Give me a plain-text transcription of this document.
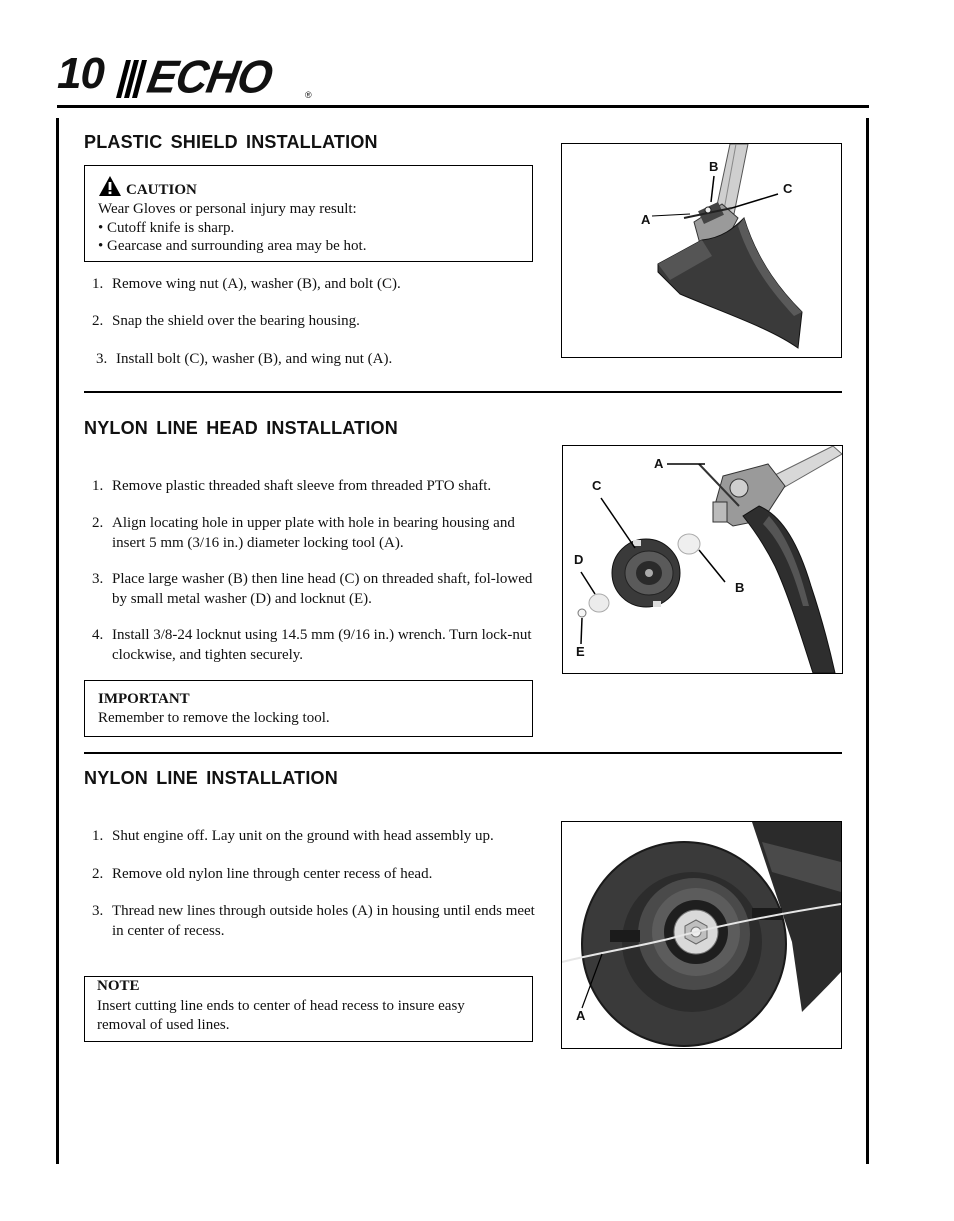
10 ECHO	®
PLASTIC SHIELD INSTALLATION
CAUTION
Wear Gloves or personal injury may result:
• Cutoff knife is sharp.
• Gearcase and surrounding area may be hot.
1. Remove wing nut (A), washer (B), and bolt (C).
2. Snap the shield over the bearing housing.
3. Install bolt (C), washer (B), and wing nut (A).
A
B
C
NYLON LINE HEAD INSTALLATION
1. Remove plastic threaded shaft sleeve from threaded PTO shaft.
2. Align locating hole in upper plate with hole in bearing housing and insert 5 mm (3/16 in.) diameter locking tool (A).
3. Place large washer (B) then line head (C) on threaded shaft, fol-lowed by small metal washer (D) and locknut (E).
4. Install 3/8-24 locknut using 14.5 mm (9/16 in.) wrench. Turn lock-nut clockwise, and tighten securely.
IMPORTANT
Remember to remove the locking tool.
A
C
D
B
E
NYLON LINE INSTALLATION
1. Shut engine off. Lay unit on the ground with head assembly up.
2. Remove old nylon line through center recess of head.
3. Thread new lines through outside holes (A) in housing until ends meet in center of recess.
NOTE
Insert cutting line ends to center of head recess to insure easy removal of used lines.
A
